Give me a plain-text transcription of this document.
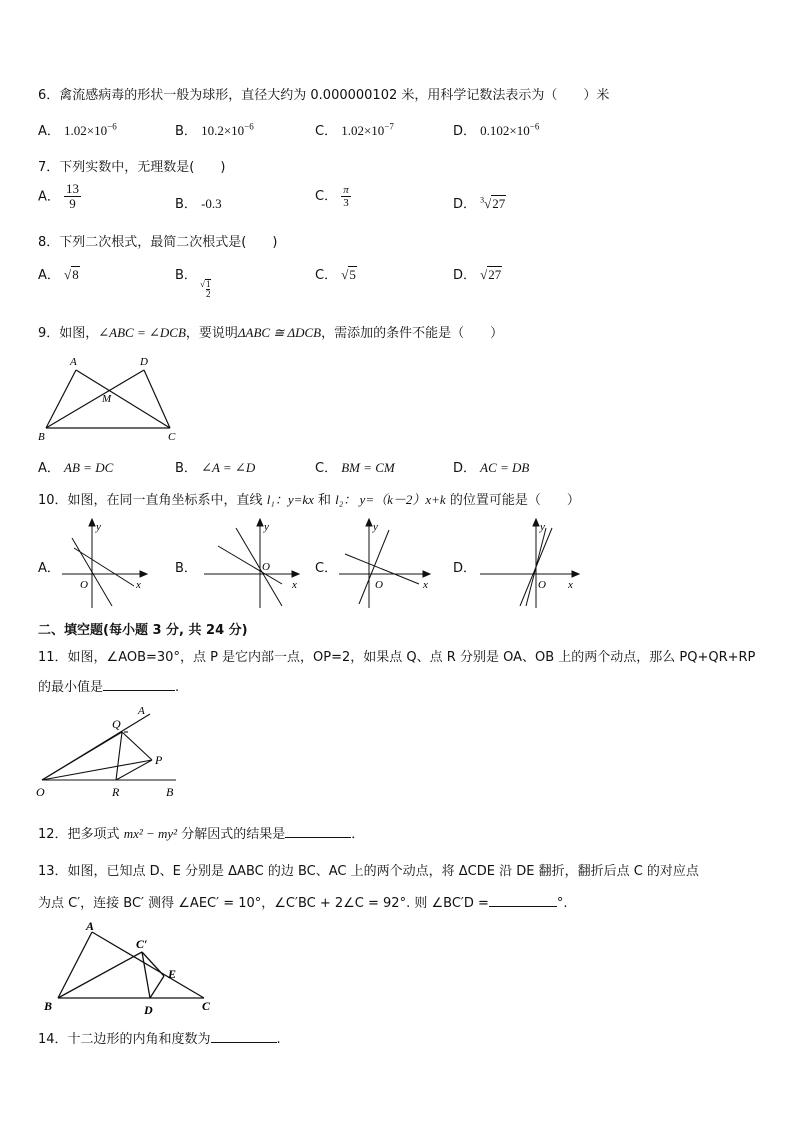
6．禽流感病毒的形状一般为球形，直径大约为 0.000000102 米，用科学记数法表示为（　　）米
A． $1.02\times 10^{-6}$	B． $10.2\times 10^{-6}$	C． $1.02\times 10^{-7}$	D． $0.102\times 10^{-6}$
7．下列实数中，无理数是(　　)
A． $\frac{13}{9}$	B． -0.3	C． $\frac{\pi}{3}$	D． $^3$√27
8．下列二次根式，最简二次根式是(　　)
A． √8	B．
√ $\frac{1}{2}$
C． √5	D． √27
9．如图，∠ABC = ∠DCB，要说明ΔABC ≅ ΔDCB，需添加的条件不能是（　　）
A	D
M
B	C
A． AB = DC	B． ∠A = ∠D	C． BM = CM	D． AC = DB
10．如图，在同一直角坐标系中，直线 l₁：y=kx 和 l₂： y=（k－2）x+k 的位置可能是（　　）
A．
y
x
O
B．
y
x
O	C．
y
x
O
D．
y
x
O
二、填空题(每小题 3 分, 共 24 分)
11．如图，∠AOB=30°，点 P 是它内部一点，OP=2，如果点 Q、点 R 分别是 OA、OB 上的两个动点，那么 PQ+QR+RP
的最小值是	.
A
Q
P
O	R	B
12．把多项式 mx² − my² 分解因式的结果是	．
13．如图，已知点 D、E 分别是 ΔABC 的边 BC、AC 上的两个动点，将 ΔCDE 沿 DE 翻折，翻折后点 C 的对应点
为点 C′，连接 BC′ 测得 ∠AEC′ = 10°，∠C′BC + 2∠C = 92°. 则 ∠BC′D =	°.
A
C′
E
B	D	C
14．十二边形的内角和度数为	.
